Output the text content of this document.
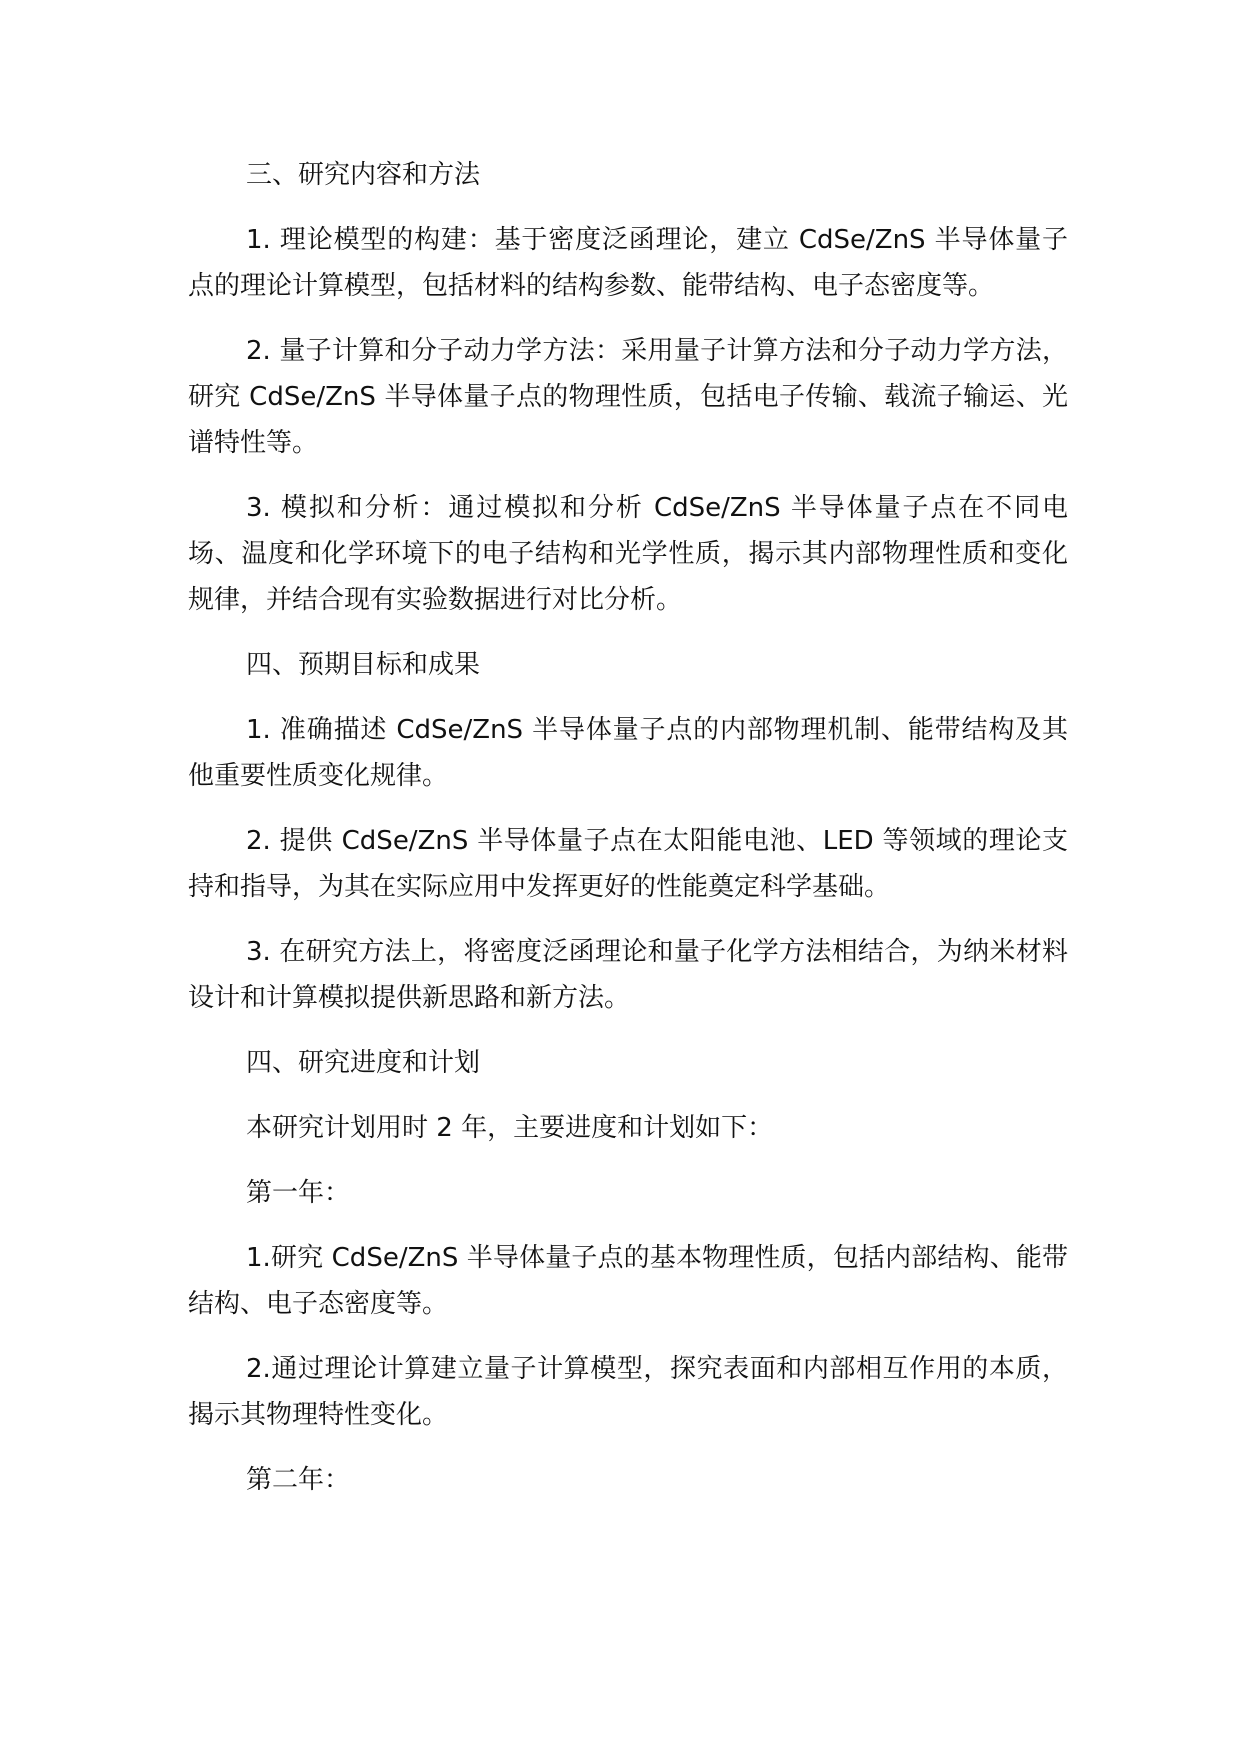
三、研究内容和方法

1. 理论模型的构建：基于密度泛函理论，建立 CdSe/ZnS 半导体量子点的理论计算模型，包括材料的结构参数、能带结构、电子态密度等。

2. 量子计算和分子动力学方法：采用量子计算方法和分子动力学方法，研究 CdSe/ZnS 半导体量子点的物理性质，包括电子传输、载流子输运、光谱特性等。

3. 模拟和分析：通过模拟和分析 CdSe/ZnS 半导体量子点在不同电场、温度和化学环境下的电子结构和光学性质，揭示其内部物理性质和变化规律，并结合现有实验数据进行对比分析。

四、预期目标和成果

1. 准确描述 CdSe/ZnS 半导体量子点的内部物理机制、能带结构及其他重要性质变化规律。

2. 提供 CdSe/ZnS 半导体量子点在太阳能电池、LED 等领域的理论支持和指导，为其在实际应用中发挥更好的性能奠定科学基础。

3. 在研究方法上，将密度泛函理论和量子化学方法相结合，为纳米材料设计和计算模拟提供新思路和新方法。

四、研究进度和计划

本研究计划用时 2 年，主要进度和计划如下：

第一年：

1.研究 CdSe/ZnS 半导体量子点的基本物理性质，包括内部结构、能带结构、电子态密度等。

2.通过理论计算建立量子计算模型，探究表面和内部相互作用的本质，揭示其物理特性变化。

第二年：
